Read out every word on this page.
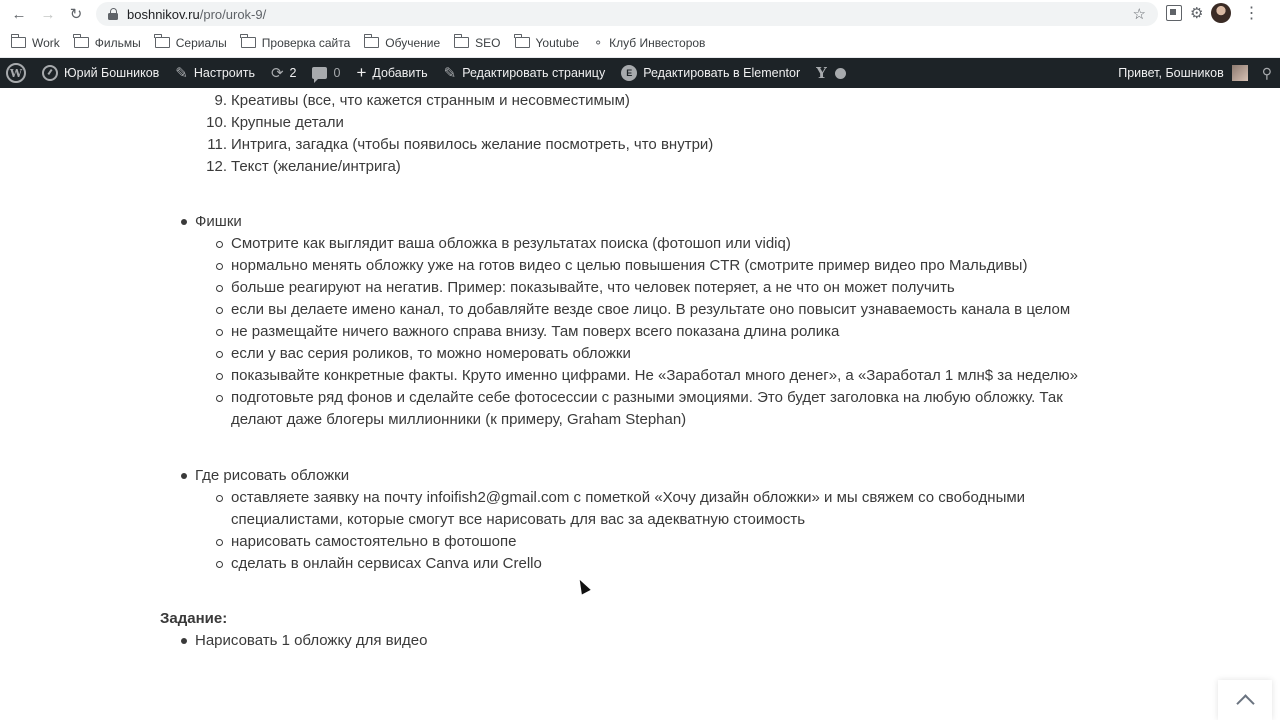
← → ↻	boshnikov.ru/pro/urok-9/	☆	⚙	⋮
Work	Фильмы	Сериалы	Проверка сайта	Обучение	SEO	Youtube ⚬ Клуб Инвесторов
W	Юрий Бошников ✎ Настроить ⟳ 2	0 + Добавить ✎ Редактировать страницу	E Редактировать в Elementor Y	Привет, Бошников	⚲
9. Креативы (все, что кажется странным и несовместимым)
10. Крупные детали
11. Интрига, загадка (чтобы появилось желание посмотреть, что внутри)
12. Текст (желание/интрига)
Фишки
Смотрите как выглядит ваша обложка в результатах поиска (фотошоп или vidiq)
нормально менять обложку уже на готов видео с целью повышения CTR (смотрите пример видео про Мальдивы)
больше реагируют на негатив. Пример: показывайте, что человек потеряет, а не что он может получить
если вы делаете имено канал, то добавляйте везде свое лицо. В результате оно повысит узнаваемость канала в целом
не размещайте ничего важного справа внизу. Там поверх всего показана длина ролика
если у вас серия роликов, то можно номеровать обложки
показывайте конкретные факты. Круто именно цифрами. Не «Заработал много денег», а «Заработал 1 млн$ за неделю»
подготовьте ряд фонов и сделайте себе фотосессии с разными эмоциями. Это будет заголовка на любую обложку. Так
делают даже блогеры миллионники (к примеру, Graham Stephan)
Где рисовать обложки
оставляете заявку на почту infoifish2@gmail.com с пометкой «Хочу дизайн обложки» и мы свяжем со свободными
специалистами, которые смогут все нарисовать для вас за адекватную стоимость
нарисовать самостоятельно в фотошопе
сделать в онлайн сервисах Canva или Crello
Задание:
Нарисовать 1 обложку для видео
